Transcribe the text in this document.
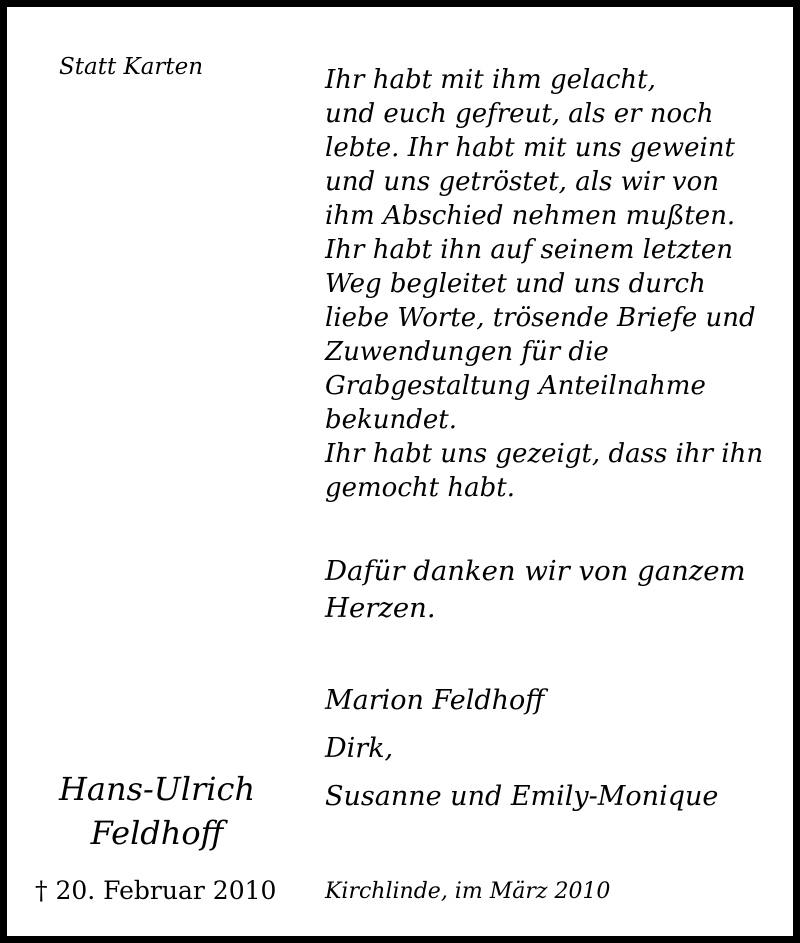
Statt Karten	Ihr habt mit ihm gelacht,
und euch gefreut, als er noch
lebte. Ihr habt mit uns geweint
und uns getröstet, als wir von
ihm Abschied nehmen mußten.
Ihr habt ihn auf seinem letzten
Weg begleitet und uns durch
liebe Worte, trösende Briefe und
Zuwendungen für die
Grabgestaltung Anteilnahme
bekundet.
Ihr habt uns gezeigt, dass ihr ihn
gemocht habt.
Dafür danken wir von ganzem
Herzen.
Marion Feldhoff
Dirk,
Susanne und Emily-Monique
Hans-Ulrich
Feldhoff
† 20. Februar 2010 Kirchlinde, im März 2010
